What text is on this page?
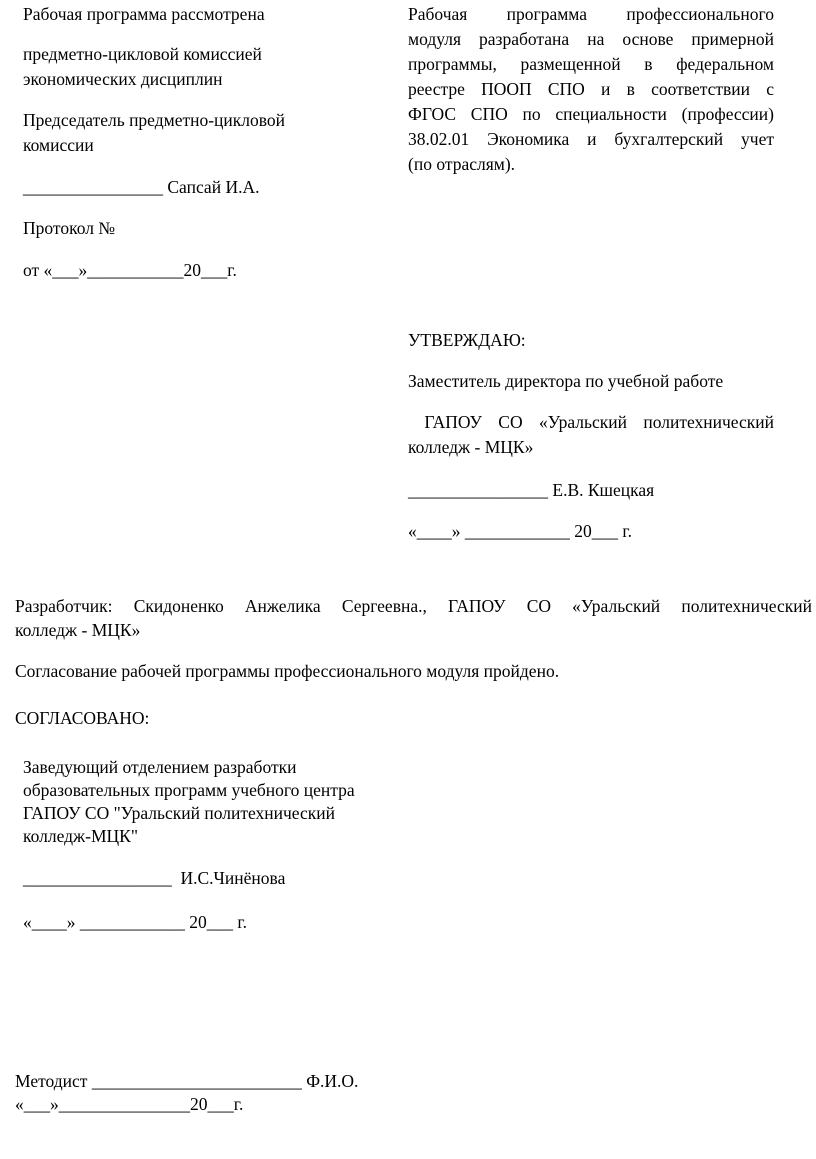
Рабочая программа рассмотрена
предметно-цикловой комиссией
экономических дисциплин
Председатель предметно-цикловой
комиссии
________________ Сапсай И.А.
Протокол №
от «___»___________20___г.
Рабочая программа профессионального
модуля разработана на основе примерной
программы, размещенной в федеральном
реестре ПООП СПО и в соответствии с
ФГОС СПО по специальности (профессии)
38.02.01 Экономика и бухгалтерский учет
(по отраслям).
УТВЕРЖДАЮ:
Заместитель директора по учебной работе
ГАПОУ СО «Уральский политехнический
колледж - МЦК»
________________ Е.В. Кшецкая
«____» ____________ 20___ г.
Разработчик: Скидоненко Анжелика Сергеевна., ГАПОУ СО «Уральский политехнический
колледж - МЦК»
Согласование рабочей программы профессионального модуля пройдено.
СОГЛАСОВАНО:
Заведующий отделением разработки
образовательных программ учебного центра
ГАПОУ СО "Уральский политехнический
колледж-МЦК"
_________________  И.С.Чинёнова
«____» ____________ 20___ г.
Методист ________________________ Ф.И.О.
«___»_______________20___г.
